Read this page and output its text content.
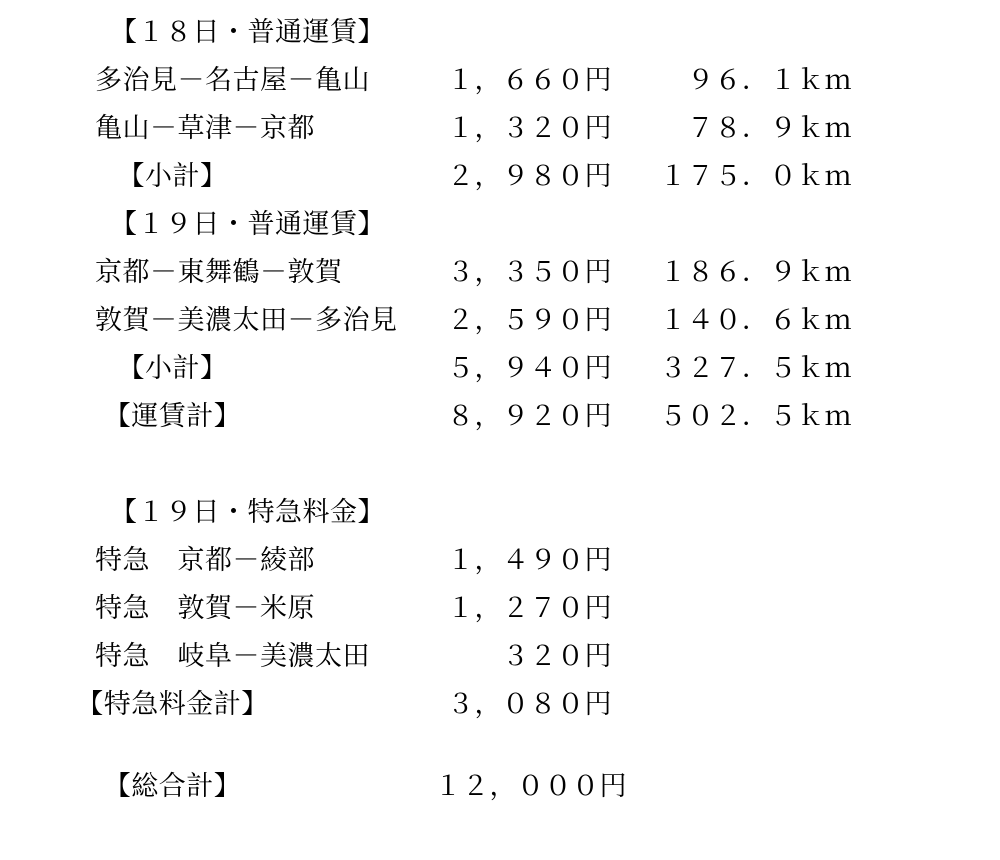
【１８日・普通運賃】
多治見－名古屋－亀山	１，６６０円	９６．１ｋｍ
亀山－草津－京都	１，３２０円	７８．９ｋｍ
【小計】	２，９８０円	１７５．０ｋｍ
【１９日・普通運賃】
京都－東舞鶴－敦賀	３，３５０円	１８６．９ｋｍ
敦賀－美濃太田－多治見	２，５９０円	１４０．６ｋｍ
【小計】	５，９４０円	３２７．５ｋｍ
【運賃計】	８，９２０円	５０２．５ｋｍ
【１９日・特急料金】
特急　京都－綾部	１，４９０円
特急　敦賀－米原	１，２７０円
特急　岐阜－美濃太田	３２０円
【特急料金計】	３，０８０円
【総合計】	１２，０００円
